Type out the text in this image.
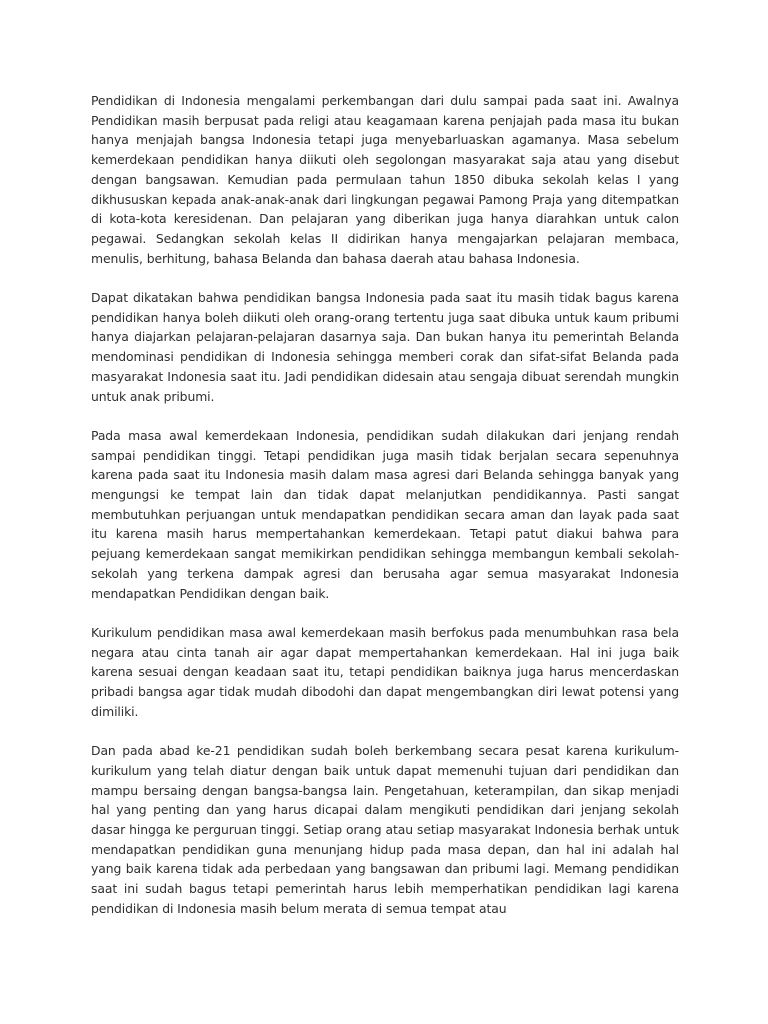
Pendidikan di Indonesia mengalami perkembangan dari dulu sampai pada saat ini. Awalnya Pendidikan masih berpusat pada religi atau keagamaan karena penjajah pada masa itu bukan hanya menjajah bangsa Indonesia tetapi juga menyebarluaskan agamanya. Masa sebelum kemerdekaan pendidikan hanya diikuti oleh segolongan masyarakat saja atau yang disebut dengan bangsawan. Kemudian pada permulaan tahun 1850 dibuka sekolah kelas I yang dikhususkan kepada anak-anak-anak dari lingkungan pegawai Pamong Praja yang ditempatkan di kota-kota keresidenan. Dan pelajaran yang diberikan juga hanya diarahkan untuk calon pegawai. Sedangkan sekolah kelas II didirikan hanya mengajarkan pelajaran membaca, menulis, berhitung, bahasa Belanda dan bahasa daerah atau bahasa Indonesia.

Dapat dikatakan bahwa pendidikan bangsa Indonesia pada saat itu masih tidak bagus karena pendidikan hanya boleh diikuti oleh orang-orang tertentu juga saat dibuka untuk kaum pribumi hanya diajarkan pelajaran-pelajaran dasarnya saja. Dan bukan hanya itu pemerintah Belanda mendominasi pendidikan di Indonesia sehingga memberi corak dan sifat-sifat Belanda pada masyarakat Indonesia saat itu. Jadi pendidikan didesain atau sengaja dibuat serendah mungkin untuk anak pribumi.

Pada masa awal kemerdekaan Indonesia, pendidikan sudah dilakukan dari jenjang rendah sampai pendidikan tinggi. Tetapi pendidikan juga masih tidak berjalan secara sepenuhnya karena pada saat itu Indonesia masih dalam masa agresi dari Belanda sehingga banyak yang mengungsi ke tempat lain dan tidak dapat melanjutkan pendidikannya. Pasti sangat membutuhkan perjuangan untuk mendapatkan pendidikan secara aman dan layak pada saat itu karena masih harus mempertahankan kemerdekaan. Tetapi patut diakui bahwa para pejuang kemerdekaan sangat memikirkan pendidikan sehingga membangun kembali sekolah-sekolah yang terkena dampak agresi dan berusaha agar semua masyarakat Indonesia mendapatkan Pendidikan dengan baik.

Kurikulum pendidikan masa awal kemerdekaan masih berfokus pada menumbuhkan rasa bela negara atau cinta tanah air agar dapat mempertahankan kemerdekaan. Hal ini juga baik karena sesuai dengan keadaan saat itu, tetapi pendidikan baiknya juga harus mencerdaskan pribadi bangsa agar tidak mudah dibodohi dan dapat mengembangkan diri lewat potensi yang dimiliki.

Dan pada abad ke-21 pendidikan sudah boleh berkembang secara pesat karena kurikulum-kurikulum yang telah diatur dengan baik untuk dapat memenuhi tujuan dari pendidikan dan mampu bersaing dengan bangsa-bangsa lain. Pengetahuan, keterampilan, dan sikap menjadi hal yang penting dan yang harus dicapai dalam mengikuti pendidikan dari jenjang sekolah dasar hingga ke perguruan tinggi. Setiap orang atau setiap masyarakat Indonesia berhak untuk mendapatkan pendidikan guna menunjang hidup pada masa depan, dan hal ini adalah hal yang baik karena tidak ada perbedaan yang bangsawan dan pribumi lagi. Memang pendidikan saat ini sudah bagus tetapi pemerintah harus lebih memperhatikan pendidikan lagi karena pendidikan di Indonesia masih belum merata di semua tempat atau
